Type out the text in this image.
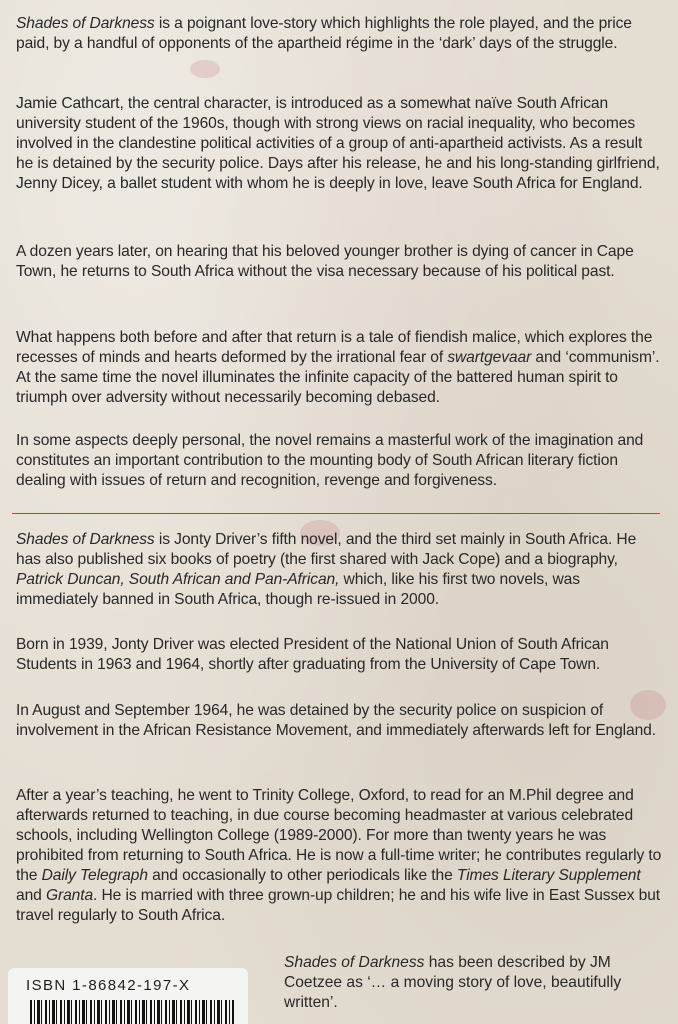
Shades of Darkness is a poignant love-story which highlights the role played, and the price paid, by a handful of opponents of the apartheid régime in the ‘dark’ days of the struggle.

Jamie Cathcart, the central character, is introduced as a somewhat naïve South African university student of the 1960s, though with strong views on racial inequality, who becomes involved in the clandestine political activities of a group of anti-apartheid activists. As a result he is detained by the security police. Days after his release, he and his long-standing girlfriend, Jenny Dicey, a ballet student with whom he is deeply in love, leave South Africa for England.

A dozen years later, on hearing that his beloved younger brother is dying of cancer in Cape Town, he returns to South Africa without the visa necessary because of his political past.

What happens both before and after that return is a tale of fiendish malice, which explores the recesses of minds and hearts deformed by the irrational fear of swartgevaar and ‘communism’. At the same time the novel illuminates the infinite capacity of the battered human spirit to triumph over adversity without necessarily becoming debased.

In some aspects deeply personal, the novel remains a masterful work of the imagination and constitutes an important contribution to the mounting body of South African literary fiction dealing with issues of return and recognition, revenge and forgiveness.

Shades of Darkness is Jonty Driver’s fifth novel, and the third set mainly in South Africa. He has also published six books of poetry (the first shared with Jack Cope) and a biography, Patrick Duncan, South African and Pan-African, which, like his first two novels, was immediately banned in South Africa, though re-issued in 2000.

Born in 1939, Jonty Driver was elected President of the National Union of South African Students in 1963 and 1964, shortly after graduating from the University of Cape Town.

In August and September 1964, he was detained by the security police on suspicion of involvement in the African Resistance Movement, and immediately afterwards left for England.

After a year’s teaching, he went to Trinity College, Oxford, to read for an M.Phil degree and afterwards returned to teaching, in due course becoming headmaster at various celebrated schools, including Wellington College (1989-2000). For more than twenty years he was prohibited from returning to South Africa. He is now a full-time writer; he contributes regularly to the Daily Telegraph and occasionally to other periodicals like the Times Literary Supplement and Granta. He is married with three grown-up children; he and his wife live in East Sussex but travel regularly to South Africa.

ISBN 1-86842-197-X

Shades of Darkness has been described by JM Coetzee as ‘… a moving story of love, beautifully written’.
